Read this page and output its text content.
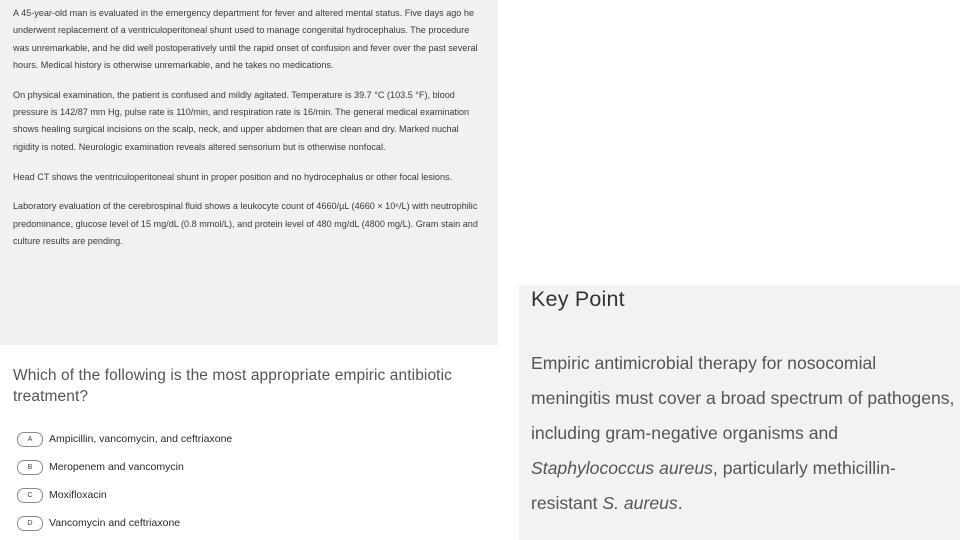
A 45-year-old man is evaluated in the emergency department for fever and altered mental status. Five days ago he underwent replacement of a ventriculoperitoneal shunt used to manage congenital hydrocephalus. The procedure was unremarkable, and he did well postoperatively until the rapid onset of confusion and fever over the past several hours. Medical history is otherwise unremarkable, and he takes no medications.

On physical examination, the patient is confused and mildly agitated. Temperature is 39.7 °C (103.5 °F), blood pressure is 142/87 mm Hg, pulse rate is 110/min, and respiration rate is 16/min. The general medical examination shows healing surgical incisions on the scalp, neck, and upper abdomen that are clean and dry. Marked nuchal rigidity is noted. Neurologic examination reveals altered sensorium but is otherwise nonfocal.

Head CT shows the ventriculoperitoneal shunt in proper position and no hydrocephalus or other focal lesions.

Laboratory evaluation of the cerebrospinal fluid shows a leukocyte count of 4660/µL (4660 × 10⁶/L) with neutrophilic predominance, glucose level of 15 mg/dL (0.8 mmol/L), and protein level of 480 mg/dL (4800 mg/L). Gram stain and culture results are pending.

Which of the following is the most appropriate empiric antibiotic treatment?
A	Ampicillin, vancomycin, and ceftriaxone
B	Meropenem and vancomycin
C	Moxifloxacin
D	Vancomycin and ceftriaxone
Key Point
Empiric antimicrobial therapy for nosocomial meningitis must cover a broad spectrum of pathogens, including gram-negative organisms and Staphylococcus aureus, particularly methicillin-resistant S. aureus.
